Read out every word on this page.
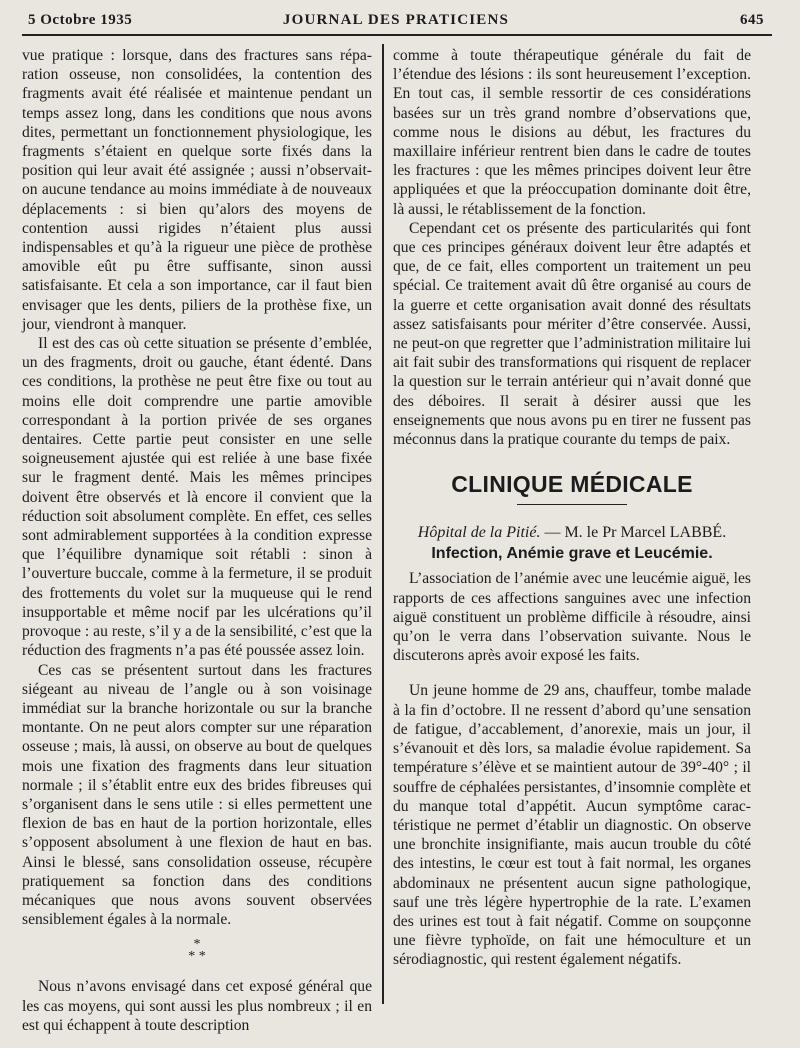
5 Octobre 1935	JOURNAL DES PRATICIENS	645

vue pratique : lorsque, dans des fractures sans réparation osseuse, non consolidées, la contention des fragments avait été réalisée et maintenue pendant un temps assez long, dans les conditions que nous avons dites, permettant un fonctionnement physiologique, les fragments s’étaient en quelque sorte fixés dans la position qui leur avait été assignée ; aussi n’observait-on aucune tendance au moins immédiate à de nouveaux déplacements : si bien qu’alors des moyens de contention aussi rigides n’étaient plus aussi indispensables et qu’à la rigueur une pièce de prothèse amovible eût pu être suffisante, sinon aussi satisfaisante. Et cela a son importance, car il faut bien envisager que les dents, piliers de la prothèse fixe, un jour, viendront à manquer.

Il est des cas où cette situation se présente d’emblée, un des fragments, droit ou gauche, étant édenté. Dans ces conditions, la prothèse ne peut être fixe ou tout au moins elle doit comprendre une partie amovible correspondant à la portion privée de ses organes dentaires. Cette partie peut consister en une selle soigneusement ajustée qui est reliée à une base fixée sur le fragment denté. Mais les mêmes principes doivent être observés et là encore il convient que la réduction soit absolument complète. En effet, ces selles sont admirablement supportées à la condition expresse que l’équilibre dynamique soit rétabli : sinon à l’ouverture buccale, comme à la fermeture, il se produit des frottements du volet sur la muqueuse qui le rend insupportable et même nocif par les ulcérations qu’il provoque : au reste, s’il y a de la sensibilité, c’est que la réduction des fragments n’a pas été poussée assez loin.

Ces cas se présentent surtout dans les fractures siégeant au niveau de l’angle ou à son voisinage immédiat sur la branche horizontale ou sur la branche montante. On ne peut alors compter sur une réparation osseuse ; mais, là aussi, on observe au bout de quelques mois une fixation des fragments dans leur situation normale ; il s’établit entre eux des brides fibreuses qui s’organisent dans le sens utile : si elles permettent une flexion de bas en haut de la portion horizontale, elles s’opposent absolument à une flexion de haut en bas. Ainsi le blessé, sans consolidation osseuse, récupère pratiquement sa fonction dans des conditions mécaniques que nous avons souvent observées sensiblement égales à la normale.

*
* *

Nous n’avons envisagé dans cet exposé général que les cas moyens, qui sont aussi les plus nombreux ; il en est qui échappent à toute description

comme à toute thérapeutique générale du fait de l’étendue des lésions : ils sont heureusement l’exception. En tout cas, il semble ressortir de ces considérations basées sur un très grand nombre d’observations que, comme nous le disions au début, les fractures du maxillaire inférieur rentrent bien dans le cadre de toutes les fractures : que les mêmes principes doivent leur être appliquées et que la préoccupation dominante doit être, là aussi, le rétablissement de la fonction.

Cependant cet os présente des particularités qui font que ces principes généraux doivent leur être adaptés et que, de ce fait, elles comportent un traitement un peu spécial. Ce traitement avait dû être organisé au cours de la guerre et cette organisation avait donné des résultats assez satisfaisants pour mériter d’être conservée. Aussi, ne peut-on que regretter que l’administration militaire lui ait fait subir des transformations qui risquent de replacer la question sur le terrain antérieur qui n’avait donné que des déboires. Il serait à désirer aussi que les enseignements que nous avons pu en tirer ne fussent pas méconnus dans la pratique courante du temps de paix.

CLINIQUE MÉDICALE
Hôpital de la Pitié. — M. le Pr Marcel LABBÉ.
Infection, Anémie grave et Leucémie.

L’association de l’anémie avec une leucémie aiguë, les rapports de ces affections sanguines avec une infection aiguë constituent un problème difficile à résoudre, ainsi qu’on le verra dans l’observation suivante. Nous le discuterons après avoir exposé les faits.

Un jeune homme de 29 ans, chauffeur, tombe malade à la fin d’octobre. Il ne ressent d’abord qu’une sensation de fatigue, d’accablement, d’anorexie, mais un jour, il s’évanouit et dès lors, sa maladie évolue rapidement. Sa température s’élève et se maintient autour de 39°-40° ; il souffre de céphalées persistantes, d’insomnie complète et du manque total d’appétit. Aucun symptôme caractéristique ne permet d’établir un diagnostic. On observe une bronchite insignifiante, mais aucun trouble du côté des intestins, le cœur est tout à fait normal, les organes abdominaux ne présentent aucun signe pathologique, sauf une très légère hypertrophie de la rate. L’examen des urines est tout à fait négatif. Comme on soupçonne une fièvre typhoïde, on fait une hémoculture et un sérodiagnostic, qui restent également négatifs.
